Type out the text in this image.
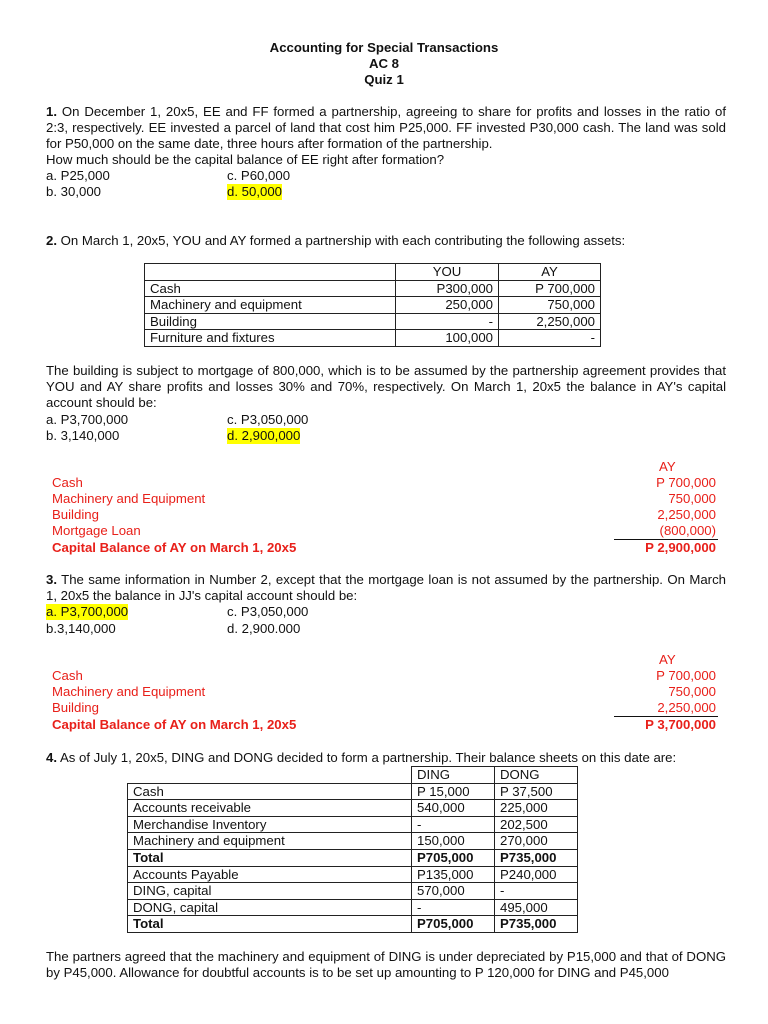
Accounting for Special Transactions
AC 8
Quiz 1
1. On December 1, 20x5, EE and FF formed a partnership, agreeing to share for profits and losses in the ratio of 2:3, respectively. EE invested a parcel of land that cost him P25,000. FF invested P30,000 cash. The land was sold for P50,000 on the same date, three hours after formation of the partnership.
How much should be the capital balance of EE right after formation?
a. P25,000
b. 30,000
c. P60,000
d. 50,000
2. On March 1, 20x5, YOU and AY formed a partnership with each contributing the following assets:
	YOU	AY
Cash	P300,000	P 700,000
Machinery and equipment	250,000	750,000
Building	-	2,250,000
Furniture and fixtures	100,000	-
The building is subject to mortgage of 800,000, which is to be assumed by the partnership agreement provides that YOU and AY share profits and losses 30% and 70%, respectively. On March 1, 20x5 the balance in AY's capital account should be:
a. P3,700,000
b. 3,140,000
c. P3,050,000
d. 2,900,000
AY
Cash	P 700,000
Machinery and Equipment	750,000
Building	2,250,000
Mortgage Loan	(800,000)
Capital Balance of AY on March 1, 20x5	P 2,900,000
3. The same information in Number 2, except that the mortgage loan is not assumed by the partnership. On March 1, 20x5 the balance in JJ's capital account should be:
a. P3,700,000
b.3,140,000
c. P3,050,000
d. 2,900.000
AY
Cash	P 700,000
Machinery and Equipment	750,000
Building	2,250,000
Capital Balance of AY on March 1, 20x5	P 3,700,000
4. As of July 1, 20x5, DING and DONG decided to form a partnership. Their balance sheets on this date are:
	DING	DONG
Cash	P 15,000	P 37,500
Accounts receivable	540,000	225,000
Merchandise Inventory	-	202,500
Machinery and equipment	150,000	270,000
Total	P705,000	P735,000
Accounts Payable	P135,000	P240,000
DING, capital	570,000	-
DONG, capital	-	495,000
Total	P705,000	P735,000
The partners agreed that the machinery and equipment of DING is under depreciated by P15,000 and that of DONG by P45,000. Allowance for doubtful accounts is to be set up amounting to P 120,000 for DING and P45,000
